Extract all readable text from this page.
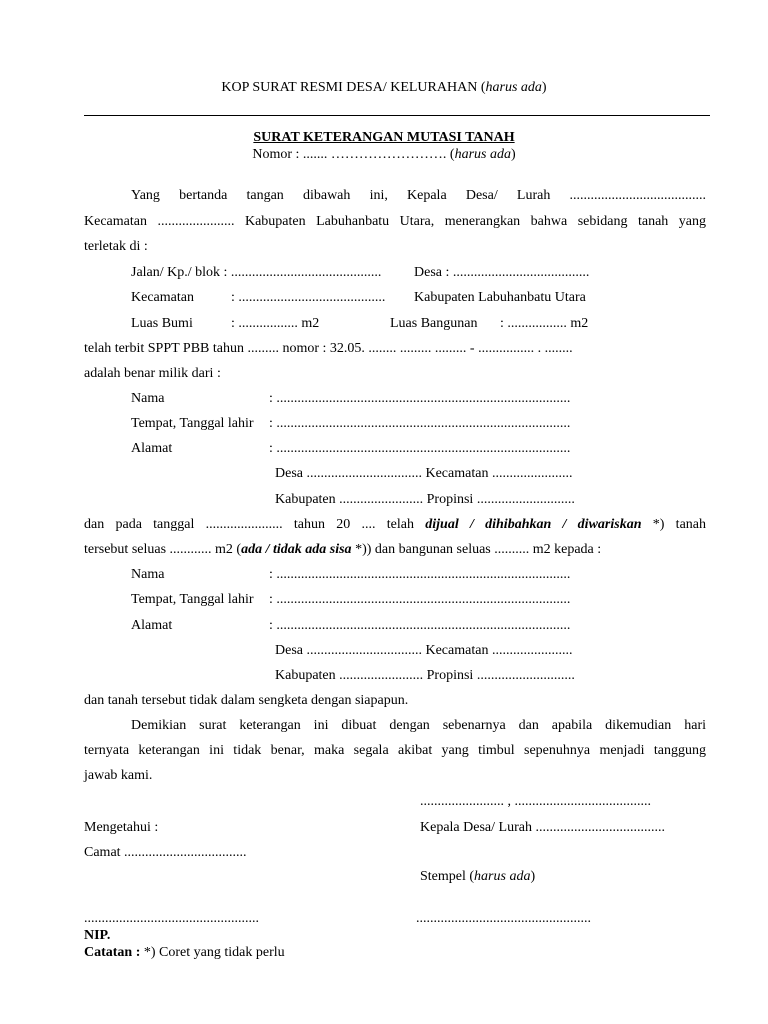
KOP SURAT RESMI DESA/ KELURAHAN (harus ada)
SURAT KETERANGAN MUTASI TANAH
Nomor : ....... ……………………. (harus ada)
Yang bertanda tangan dibawah ini, Kepala Desa/ Lurah .......................................
Kecamatan ...................... Kabupaten Labuhanbatu Utara, menerangkan bahwa sebidang tanah yang
terletak di :
Jalan/ Kp./ blok : ........................................... Desa : .......................................
Kecamatan	: .......................................... Kabupaten Labuhanbatu Utara
Luas Bumi	: ................. m2	Luas Bangunan : ................. m2
telah terbit SPPT PBB tahun ......... nomor : 32.05. ........ ......... ......... - ................ . ........
adalah benar milik dari :
Nama	: ....................................................................................
Tempat, Tanggal lahir : ....................................................................................
Alamat	: ....................................................................................
Desa ................................. Kecamatan .......................
Kabupaten ........................ Propinsi ............................
dan pada tanggal ...................... tahun 20 .... telah dijual / dihibahkan / diwariskan *) tanah
tersebut seluas ............ m2 (ada / tidak ada sisa *)) dan bangunan seluas .......... m2 kepada :
Nama	: ....................................................................................
Tempat, Tanggal lahir : ....................................................................................
Alamat	: ....................................................................................
Desa ................................. Kecamatan .......................
Kabupaten ........................ Propinsi ............................
dan tanah tersebut tidak dalam sengketa dengan siapapun.
Demikian surat keterangan ini dibuat dengan sebenarnya dan apabila dikemudian hari
ternyata keterangan ini tidak benar, maka segala akibat yang timbul sepenuhnya menjadi tanggung
jawab kami.
........................ , .......................................
Mengetahui :	Kepala Desa/ Lurah .....................................
Camat ...................................
Stempel (harus ada)
..................................................	..................................................
NIP.
Catatan : *) Coret yang tidak perlu
